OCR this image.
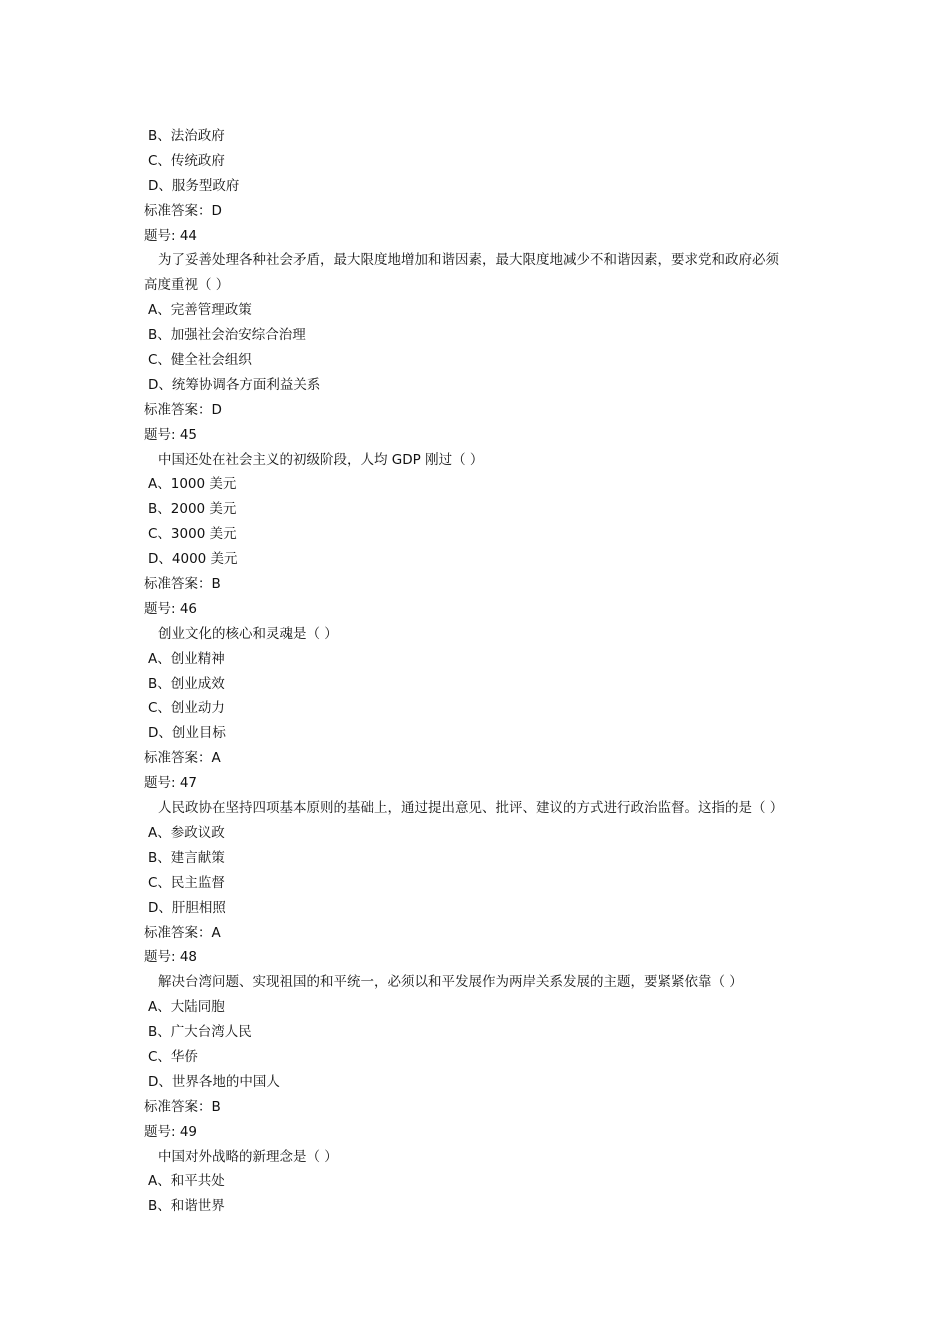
B、法治政府
C、传统政府
D、服务型政府
标准答案：D
题号: 44
为了妥善处理各种社会矛盾，最大限度地增加和谐因素，最大限度地减少不和谐因素，要求党和政府必须
高度重视（ ）
A、完善管理政策
B、加强社会治安综合治理
C、健全社会组织
D、统筹协调各方面利益关系
标准答案：D
题号: 45
中国还处在社会主义的初级阶段，人均 GDP 刚过（ ）
A、1000 美元
B、2000 美元
C、3000 美元
D、4000 美元
标准答案：B
题号: 46
创业文化的核心和灵魂是（ ）
A、创业精神
B、创业成效
C、创业动力
D、创业目标
标准答案：A
题号: 47
人民政协在坚持四项基本原则的基础上，通过提出意见、批评、建议的方式进行政治监督。这指的是（ ）
A、参政议政
B、建言献策
C、民主监督
D、肝胆相照
标准答案：A
题号: 48
解决台湾问题、实现祖国的和平统一，必须以和平发展作为两岸关系发展的主题，要紧紧依靠（ ）
A、大陆同胞
B、广大台湾人民
C、华侨
D、世界各地的中国人
标准答案：B
题号: 49
中国对外战略的新理念是（ ）
A、和平共处
B、和谐世界
